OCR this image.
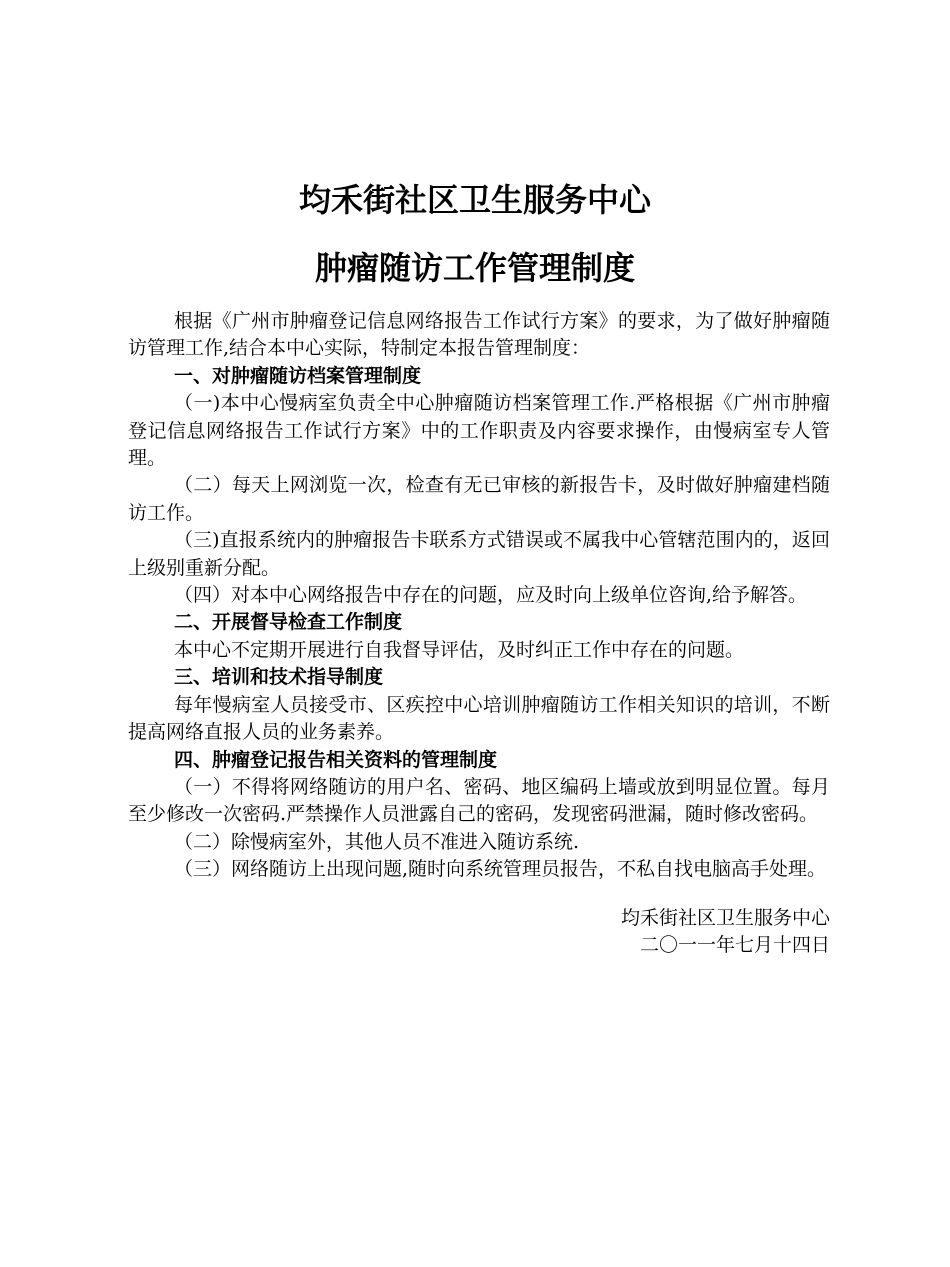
均禾街社区卫生服务中心
肿瘤随访工作管理制度

根据《广州市肿瘤登记信息网络报告工作试行方案》的要求，为了做好肿瘤随访管理工作,结合本中心实际，特制定本报告管理制度：

一、对肿瘤随访档案管理制度

（一)本中心慢病室负责全中心肿瘤随访档案管理工作.严格根据《广州市肿瘤登记信息网络报告工作试行方案》中的工作职责及内容要求操作，由慢病室专人管理。

（二）每天上网浏览一次，检查有无已审核的新报告卡，及时做好肿瘤建档随访工作。

（三)直报系统内的肿瘤报告卡联系方式错误或不属我中心管辖范围内的，返回上级别重新分配。

（四）对本中心网络报告中存在的问题，应及时向上级单位咨询,给予解答。

二、开展督导检查工作制度

本中心不定期开展进行自我督导评估，及时纠正工作中存在的问题。

三、培训和技术指导制度

每年慢病室人员接受市、区疾控中心培训肿瘤随访工作相关知识的培训，不断提高网络直报人员的业务素养。

四、肿瘤登记报告相关资料的管理制度

（一）不得将网络随访的用户名、密码、地区编码上墙或放到明显位置。每月至少修改一次密码.严禁操作人员泄露自己的密码，发现密码泄漏，随时修改密码。

（二）除慢病室外，其他人员不准进入随访系统.

（三）网络随访上出现问题,随时向系统管理员报告，不私自找电脑高手处理。

均禾街社区卫生服务中心
二〇一一年七月十四日
